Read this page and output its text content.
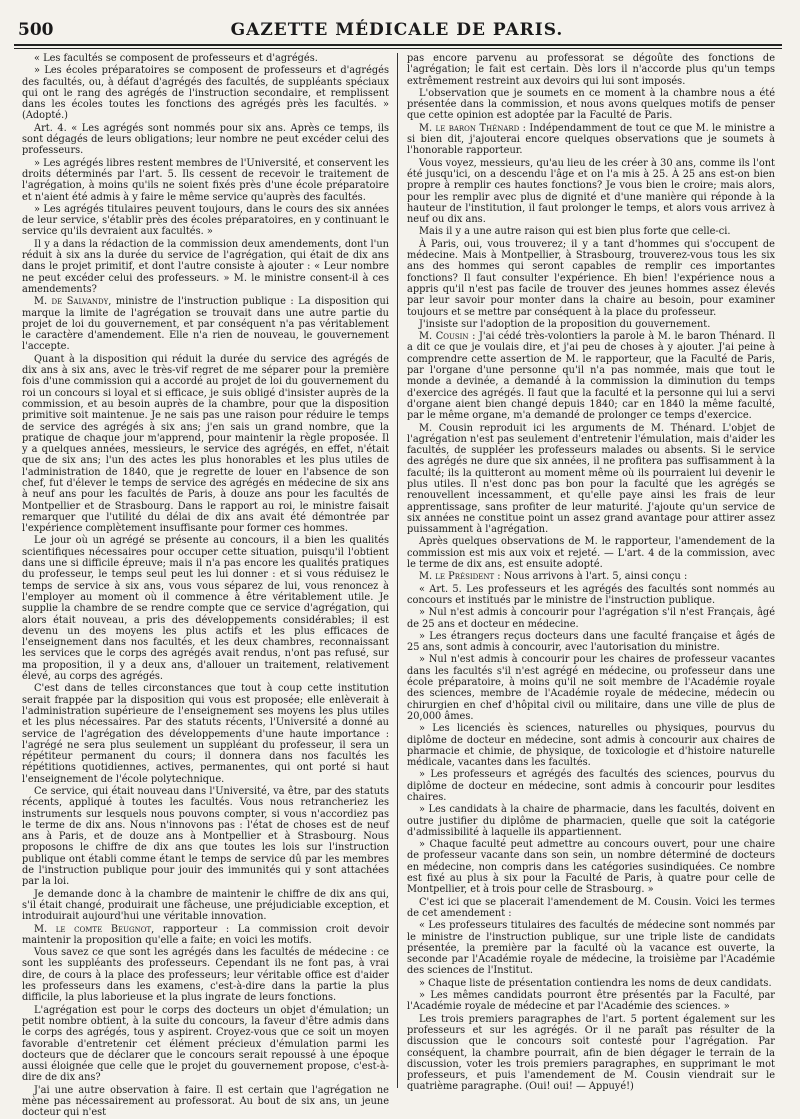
500	GAZETTE MÉDICALE DE PARIS.

« Les facultés se composent de professeurs et d'agrégés.

» Les écoles préparatoires se composent de professeurs et d'agrégés des facultés, ou, à défaut d'agrégés des facultés, de suppléants spéciaux qui ont le rang des agrégés de l'instruction secondaire, et remplissent dans les écoles toutes les fonctions des agrégés près les facultés. » (Adopté.)

Art. 4. « Les agrégés sont nommés pour six ans. Après ce temps, ils sont dégagés de leurs obligations; leur nombre ne peut excéder celui des professeurs.

» Les agrégés libres restent membres de l'Université, et conservent les droits déterminés par l'art. 5. Ils cessent de recevoir le traitement de l'agrégation, à moins qu'ils ne soient fixés près d'une école préparatoire et n'aient été admis à y faire le même service qu'auprès des facultés.

» Les agrégés titulaires peuvent toujours, dans le cours des six années de leur service, s'établir près des écoles préparatoires, en y continuant le service qu'ils devraient aux facultés. »

Il y a dans la rédaction de la commission deux amendements, dont l'un réduit à six ans la durée du service de l'agrégation, qui était de dix ans dans le projet primitif, et dont l'autre consiste à ajouter : « Leur nombre ne peut excéder celui des professeurs. » M. le ministre consent-il à ces amendements?

M. de Salvandy, ministre de l'instruction publique : La disposition qui marque la limite de l'agrégation se trouvait dans une autre partie du projet de loi du gouvernement, et par conséquent n'a pas véritablement le caractère d'amendement. Elle n'a rien de nouveau, le gouvernement l'accepte.

Quant à la disposition qui réduit la durée du service des agrégés de dix ans à six ans, avec le très-vif regret de me séparer pour la première fois d'une commission qui a accordé au projet de loi du gouvernement du roi un concours si loyal et si efficace, je suis obligé d'insister auprès de la commission, et au besoin auprès de la chambre, pour que la disposition primitive soit maintenue. Je ne sais pas une raison pour réduire le temps de service des agrégés à six ans; j'en sais un grand nombre, que la pratique de chaque jour m'apprend, pour maintenir la règle proposée. Il y a quelques années, messieurs, le service des agrégés, en effet, n'était que de six ans; l'un des actes les plus honorables et les plus utiles de l'administration de 1840, que je regrette de louer en l'absence de son chef, fut d'élever le temps de service des agrégés en médecine de six ans à neuf ans pour les facultés de Paris, à douze ans pour les facultés de Montpellier et de Strasbourg. Dans le rapport au roi, le ministre faisait remarquer que l'utilité du délai de dix ans avait été démontrée par l'expérience complètement insuffisante pour former ces hommes.

Le jour où un agrégé se présente au concours, il a bien les qualités scientifiques nécessaires pour occuper cette situation, puisqu'il l'obtient dans une si difficile épreuve; mais il n'a pas encore les qualités pratiques du professeur, le temps seul peut les lui donner : et si vous réduisez le temps de service à six ans, vous vous séparez de lui, vous renoncez à l'employer au moment où il commence à être véritablement utile. Je supplie la chambre de se rendre compte que ce service d'agrégation, qui alors était nouveau, a pris des développements considérables; il est devenu un des moyens les plus actifs et les plus efficaces de l'enseignement dans nos facultés, et les deux chambres, reconnaissant les services que le corps des agrégés avait rendus, n'ont pas refusé, sur ma proposition, il y a deux ans, d'allouer un traitement, relativement élevé, au corps des agrégés.

C'est dans de telles circonstances que tout à coup cette institution serait frappée par la disposition qui vous est proposée; elle enlèverait à l'administration supérieure de l'enseignement ses moyens les plus utiles et les plus nécessaires. Par des statuts récents, l'Université a donné au service de l'agrégation des développements d'une haute importance : l'agrégé ne sera plus seulement un suppléant du professeur, il sera un répétiteur permanent du cours; il donnera dans nos facultés les répétitions quotidiennes, actives, permanentes, qui ont porté si haut l'enseignement de l'école polytechnique.

Ce service, qui était nouveau dans l'Université, va être, par des statuts récents, appliqué à toutes les facultés. Vous nous retrancheriez les instruments sur lesquels nous pouvons compter, si vous n'accordiez pas le terme de dix ans. Nous n'innovons pas : l'état de choses est de neuf ans à Paris, et de douze ans à Montpellier et à Strasbourg. Nous proposons le chiffre de dix ans que toutes les lois sur l'instruction publique ont établi comme étant le temps de service dû par les membres de l'instruction publique pour jouir des immunités qui y sont attachées par la loi.

Je demande donc à la chambre de maintenir le chiffre de dix ans qui, s'il était changé, produirait une fâcheuse, une préjudiciable exception, et introduirait aujourd'hui une véritable innovation.

M. le comte Beugnot, rapporteur : La commission croit devoir maintenir la proposition qu'elle a faite; en voici les motifs.

Vous savez ce que sont les agrégés dans les facultés de médecine : ce sont les suppléants des professeurs. Cependant ils ne font pas, à vrai dire, de cours à la place des professeurs; leur véritable office est d'aider les professeurs dans les examens, c'est-à-dire dans la partie la plus difficile, la plus laborieuse et la plus ingrate de leurs fonctions.

L'agrégation est pour le corps des docteurs un objet d'émulation; un petit nombre obtient, à la suite du concours, la faveur d'être admis dans le corps des agrégés, tous y aspirent. Croyez-vous que ce soit un moyen favorable d'entretenir cet élément précieux d'émulation parmi les docteurs que de déclarer que le concours serait repoussé à une époque aussi éloignée que celle que le projet du gouvernement propose, c'est-à-dire de dix ans?

J'ai une autre observation à faire. Il est certain que l'agrégation ne mène pas nécessairement au professorat. Au bout de six ans, un jeune docteur qui n'est

pas encore parvenu au professorat se dégoûte des fonctions de l'agrégation; le fait est certain. Dès lors il n'accorde plus qu'un temps extrêmement restreint aux devoirs qui lui sont imposés.

L'observation que je soumets en ce moment à la chambre nous a été présentée dans la commission, et nous avons quelques motifs de penser que cette opinion est adoptée par la Faculté de Paris.

M. le baron Thénard : Indépendamment de tout ce que M. le ministre a si bien dit, j'ajouterai encore quelques observations que je soumets à l'honorable rapporteur.

Vous voyez, messieurs, qu'au lieu de les créer à 30 ans, comme ils l'ont été jusqu'ici, on a descendu l'âge et on l'a mis à 25. À 25 ans est-on bien propre à remplir ces hautes fonctions? Je vous bien le croire; mais alors, pour les remplir avec plus de dignité et d'une manière qui réponde à la hauteur de l'institution, il faut prolonger le temps, et alors vous arrivez à neuf ou dix ans.

Mais il y a une autre raison qui est bien plus forte que celle-ci.

À Paris, oui, vous trouverez; il y a tant d'hommes qui s'occupent de médecine. Mais à Montpellier, à Strasbourg, trouverez-vous tous les six ans des hommes qui seront capables de remplir ces importantes fonctions? Il faut consulter l'expérience. Eh bien! l'expérience nous a appris qu'il n'est pas facile de trouver des jeunes hommes assez élevés par leur savoir pour monter dans la chaire au besoin, pour examiner toujours et se mettre par conséquent à la place du professeur.

J'insiste sur l'adoption de la proposition du gouvernement.

M. Cousin : J'ai cédé très-volontiers la parole à M. le baron Thénard. Il a dit ce que je voulais dire, et j'ai peu de choses à y ajouter. J'ai peine à comprendre cette assertion de M. le rapporteur, que la Faculté de Paris, par l'organe d'une personne qu'il n'a pas nommée, mais que tout le monde a devinée, a demandé à la commission la diminution du temps d'exercice des agrégés. Il faut que la faculté et la personne qui lui a servi d'organe aient bien changé depuis 1840; car en 1840 la même faculté, par le même organe, m'a demandé de prolonger ce temps d'exercice.

M. Cousin reproduit ici les arguments de M. Thénard. L'objet de l'agrégation n'est pas seulement d'entretenir l'émulation, mais d'aider les facultés, de suppléer les professeurs malades ou absents. Si le service des agrégés ne dure que six années, il ne profitera pas suffisamment à la faculté; ils la quitteront au moment même où ils pourraient lui devenir le plus utiles. Il n'est donc pas bon pour la faculté que les agrégés se renouvellent incessamment, et qu'elle paye ainsi les frais de leur apprentissage, sans profiter de leur maturité. J'ajoute qu'un service de six années ne constitue point un assez grand avantage pour attirer assez puissamment à l'agrégation.

Après quelques observations de M. le rapporteur, l'amendement de la commission est mis aux voix et rejeté. — L'art. 4 de la commission, avec le terme de dix ans, est ensuite adopté.

M. le Président : Nous arrivons à l'art. 5, ainsi conçu :

« Art. 5. Les professeurs et les agrégés des facultés sont nommés au concours et institués par le ministre de l'instruction publique.

» Nul n'est admis à concourir pour l'agrégation s'il n'est Français, âgé de 25 ans et docteur en médecine.

» Les étrangers reçus docteurs dans une faculté française et âgés de 25 ans, sont admis à concourir, avec l'autorisation du ministre.

» Nul n'est admis à concourir pour les chaires de professeur vacantes dans les facultés s'il n'est agrégé en médecine, ou professeur dans une école préparatoire, à moins qu'il ne soit membre de l'Académie royale des sciences, membre de l'Académie royale de médecine, médecin ou chirurgien en chef d'hôpital civil ou militaire, dans une ville de plus de 20,000 âmes.

» Les licenciés ès sciences, naturelles ou physiques, pourvus du diplôme de docteur en médecine, sont admis à concourir aux chaires de pharmacie et chimie, de physique, de toxicologie et d'histoire naturelle médicale, vacantes dans les facultés.

» Les professeurs et agrégés des facultés des sciences, pourvus du diplôme de docteur en médecine, sont admis à concourir pour lesdites chaires.

» Les candidats à la chaire de pharmacie, dans les facultés, doivent en outre justifier du diplôme de pharmacien, quelle que soit la catégorie d'admissibilité à laquelle ils appartiennent.

» Chaque faculté peut admettre au concours ouvert, pour une chaire de professeur vacante dans son sein, un nombre déterminé de docteurs en médecine, non compris dans les catégories susindiquées. Ce nombre est fixé au plus à six pour la Faculté de Paris, à quatre pour celle de Montpellier, et à trois pour celle de Strasbourg. »

C'est ici que se placerait l'amendement de M. Cousin. Voici les termes de cet amendement :

« Les professeurs titulaires des facultés de médecine sont nommés par le ministre de l'instruction publique, sur une triple liste de candidats présentée, la première par la faculté où la vacance est ouverte, la seconde par l'Académie royale de médecine, la troisième par l'Académie des sciences de l'Institut.

» Chaque liste de présentation contiendra les noms de deux candidats.

» Les mêmes candidats pourront être présentés par la Faculté, par l'Académie royale de médecine et par l'Académie des sciences. »

Les trois premiers paragraphes de l'art. 5 portent également sur les professeurs et sur les agrégés. Or il ne paraît pas résulter de la discussion que le concours soit contesté pour l'agrégation. Par conséquent, la chambre pourrait, afin de bien dégager le terrain de la discussion, voter les trois premiers paragraphes, en supprimant le mot professeurs, et puis l'amendement de M. Cousin viendrait sur le quatrième paragraphe. (Oui! oui! — Appuyé!)
